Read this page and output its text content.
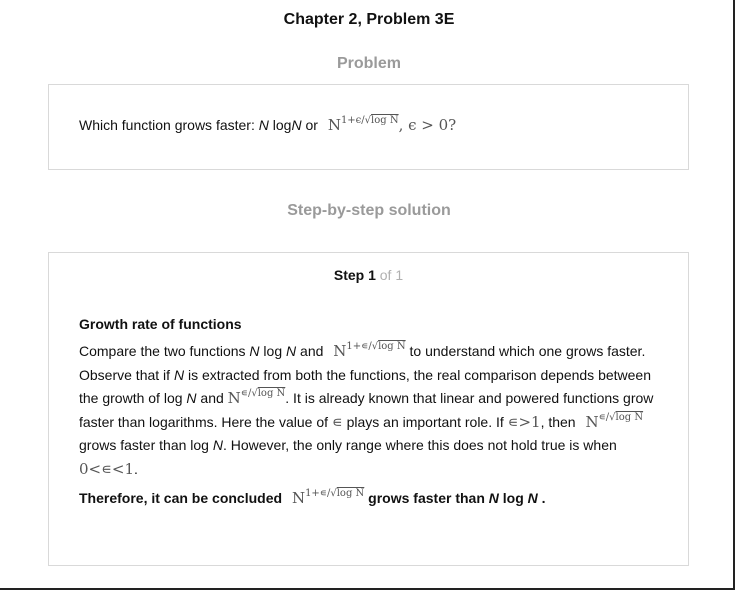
Chapter 2, Problem 3E
Problem
Which function grows faster: N logN or $N^{1+\epsilon/√log N}$, ϵ > 0?
Step-by-step solution
Step 1 of 1
Growth rate of functions

Compare the two functions N log N and $N^{1+∊/√log N}$ to understand which one grows faster. Observe that if N is extracted from both the functions, the real comparison depends between the growth of log N and $N^{∊/√log N}$. It is already known that linear and powered functions grow faster than logarithms. Here the value of ∊ plays an important role. If ∊>1, then $N^{∊/√log N}$ grows faster than log N. However, the only range where this does not hold true is when 0<∊<1.

Therefore, it can be concluded $N^{1+∊/√log N}$ grows faster than N log N .
